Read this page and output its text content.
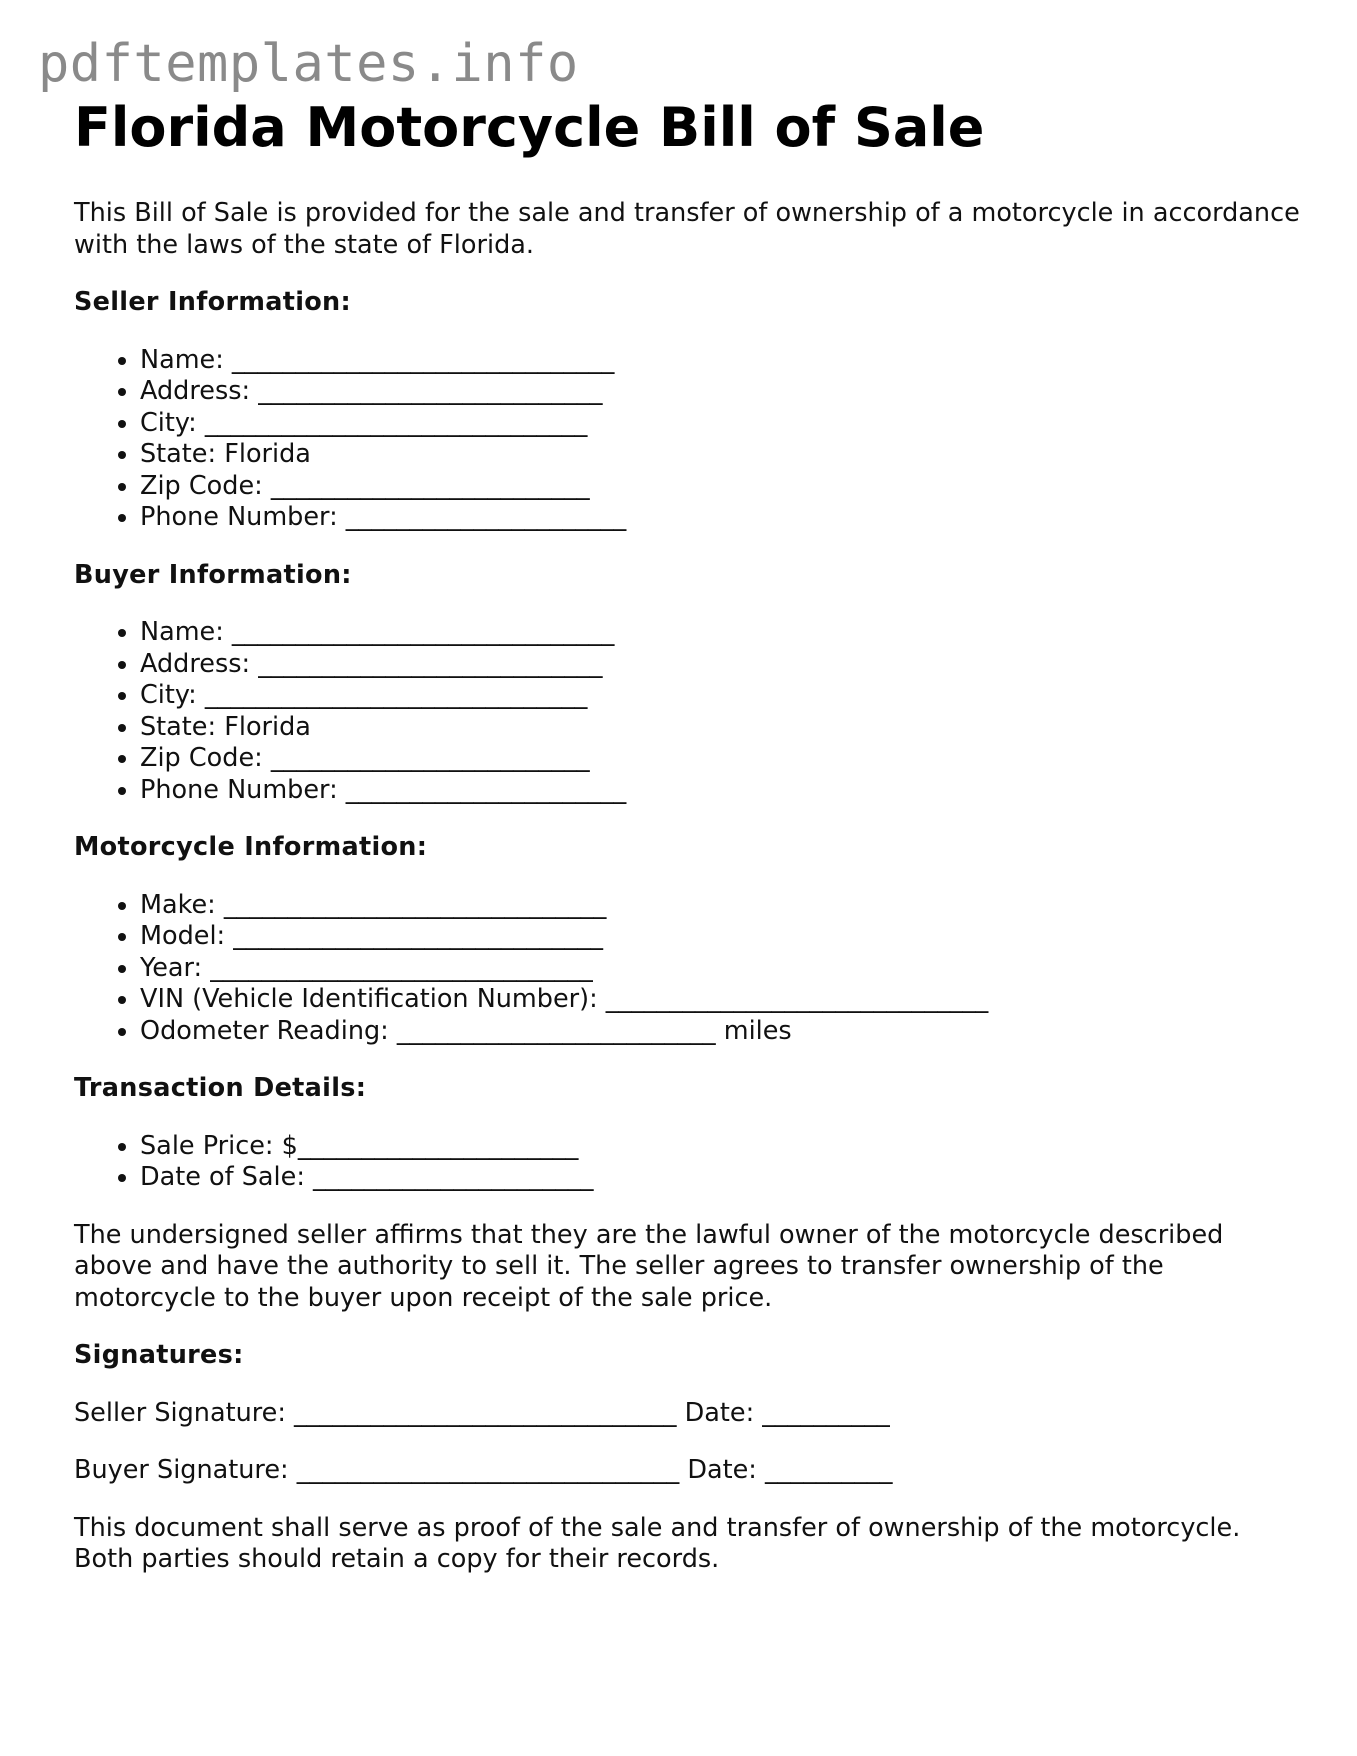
pdftemplates.info
Florida Motorcycle Bill of Sale

This Bill of Sale is provided for the sale and transfer of ownership of a motorcycle in accordance with the laws of the state of Florida.

Seller Information:
• Name: ______________________________
• Address: ___________________________
• City: ______________________________
• State: Florida
• Zip Code: _________________________
• Phone Number: ______________________
Buyer Information:
• Name: ______________________________
• Address: ___________________________
• City: ______________________________
• State: Florida
• Zip Code: _________________________
• Phone Number: ______________________
Motorcycle Information:
• Make: ______________________________
• Model: _____________________________
• Year: ______________________________
• VIN (Vehicle Identification Number): ______________________________
• Odometer Reading: _________________________ miles
Transaction Details:
• Sale Price: $______________________
• Date of Sale: ______________________

The undersigned seller affirms that they are the lawful owner of the motorcycle described above and have the authority to sell it. The seller agrees to transfer ownership of the motorcycle to the buyer upon receipt of the sale price.

Signatures:
Seller Signature: ______________________________ Date: __________
Buyer Signature: ______________________________ Date: __________

This document shall serve as proof of the sale and transfer of ownership of the motorcycle. Both parties should retain a copy for their records.
